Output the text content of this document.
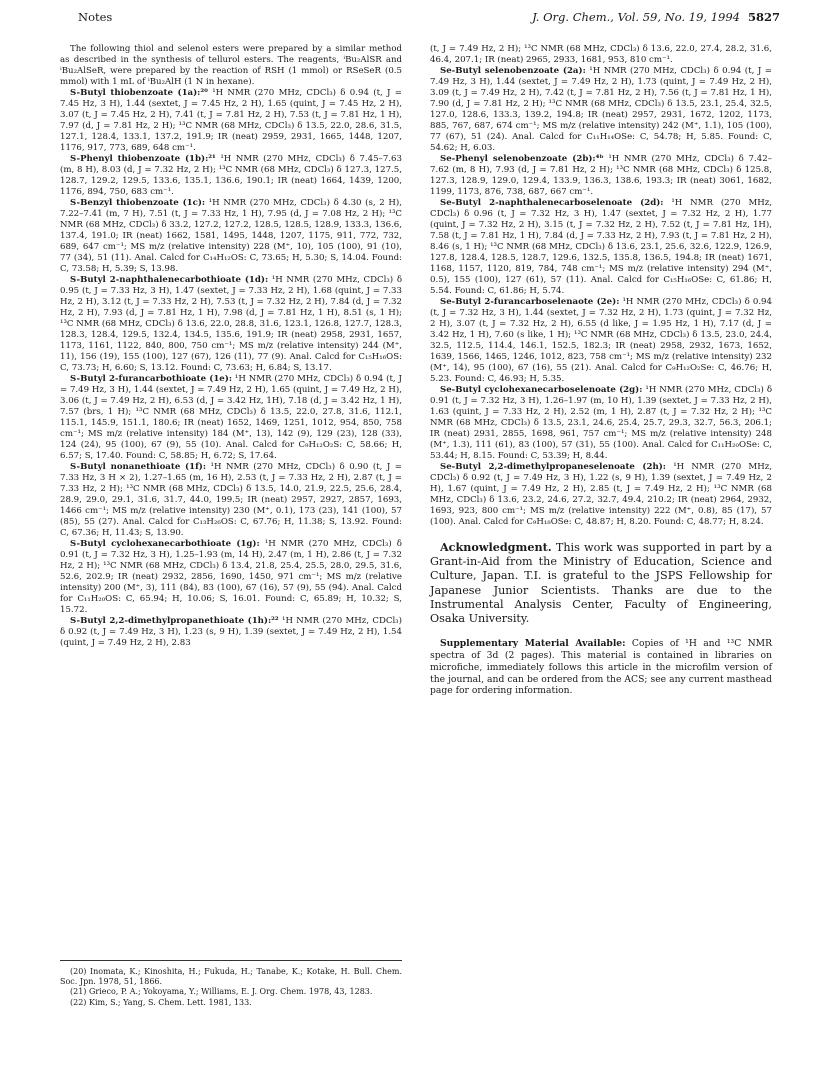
Notes	J. Org. Chem., Vol. 59, No. 19, 1994 5827

The following thiol and selenol esters were prepared by a similar method as described in the synthesis of tellurol esters. The reagents, ⁱBu₂AlSR and ⁱBu₂AlSeR, were prepared by the reaction of RSH (1 mmol) or RSeSeR (0.5 mmol) with 1 mL of ⁱBu₂AlH (1 N in hexane).

S-Butyl thiobenzoate (1a):²⁰ ¹H NMR (270 MHz, CDCl₃) δ 0.94 (t, J = 7.45 Hz, 3 H), 1.44 (sextet, J = 7.45 Hz, 2 H), 1.65 (quint, J = 7.45 Hz, 2 H), 3.07 (t, J = 7.45 Hz, 2 H), 7.41 (t, J = 7.81 Hz, 2 H), 7.53 (t, J = 7.81 Hz, 1 H), 7.97 (d, J = 7.81 Hz, 2 H); ¹³C NMR (68 MHz, CDCl₃) δ 13.5, 22.0, 28.6, 31.5, 127.1, 128.4, 133.1, 137.2, 191.9; IR (neat) 2959, 2931, 1665, 1448, 1207, 1176, 917, 773, 689, 648 cm⁻¹.

S-Phenyl thiobenzoate (1b):²¹ ¹H NMR (270 MHz, CDCl₃) δ 7.45–7.63 (m, 8 H), 8.03 (d, J = 7.32 Hz, 2 H); ¹³C NMR (68 MHz, CDCl₃) δ 127.3, 127.5, 128.7, 129.2, 129.5, 133.6, 135.1, 136.6, 190.1; IR (neat) 1664, 1439, 1200, 1176, 894, 750, 683 cm⁻¹.

S-Benzyl thiobenzoate (1c): ¹H NMR (270 MHz, CDCl₃) δ 4.30 (s, 2 H), 7.22–7.41 (m, 7 H), 7.51 (t, J = 7.33 Hz, 1 H), 7.95 (d, J = 7.08 Hz, 2 H); ¹³C NMR (68 MHz, CDCl₃) δ 33.2, 127.2, 127.2, 128.5, 128.5, 128.9, 133.3, 136.6, 137.4, 191.0; IR (neat) 1662, 1581, 1495, 1448, 1207, 1175, 911, 772, 732, 689, 647 cm⁻¹; MS m/z (relative intensity) 228 (M⁺, 10), 105 (100), 91 (10), 77 (34), 51 (11). Anal. Calcd for C₁₄H₁₂OS: C, 73.65; H, 5.30; S, 14.04. Found: C, 73.58; H, 5.39; S, 13.98.

S-Butyl 2-naphthalenecarbothioate (1d): ¹H NMR (270 MHz, CDCl₃) δ 0.95 (t, J = 7.33 Hz, 3 H), 1.47 (sextet, J = 7.33 Hz, 2 H), 1.68 (quint, J = 7.33 Hz, 2 H), 3.12 (t, J = 7.33 Hz, 2 H), 7.53 (t, J = 7.32 Hz, 2 H), 7.84 (d, J = 7.32 Hz, 2 H), 7.93 (d, J = 7.81 Hz, 1 H), 7.98 (d, J = 7.81 Hz, 1 H), 8.51 (s, 1 H); ¹³C NMR (68 MHz, CDCl₃) δ 13.6, 22.0, 28.8, 31.6, 123.1, 126.8, 127.7, 128.3, 128.3, 128.4, 129.5, 132.4, 134.5, 135.6, 191.9; IR (neat) 2958, 2931, 1657, 1173, 1161, 1122, 840, 800, 750 cm⁻¹; MS m/z (relative intensity) 244 (M⁺, 11), 156 (19), 155 (100), 127 (67), 126 (11), 77 (9). Anal. Calcd for C₁₅H₁₆OS: C, 73.73; H, 6.60; S, 13.12. Found: C, 73.63; H, 6.84; S, 13.17.

S-Butyl 2-furancarbothioate (1e): ¹H NMR (270 MHz, CDCl₃) δ 0.94 (t, J = 7.49 Hz, 3 H), 1.44 (sextet, J = 7.49 Hz, 2 H), 1.65 (quint, J = 7.49 Hz, 2 H), 3.06 (t, J = 7.49 Hz, 2 H), 6.53 (d, J = 3.42 Hz, 1H), 7.18 (d, J = 3.42 Hz, 1 H), 7.57 (brs, 1 H); ¹³C NMR (68 MHz, CDCl₃) δ 13.5, 22.0, 27.8, 31.6, 112.1, 115.1, 145.9, 151.1, 180.6; IR (neat) 1652, 1469, 1251, 1012, 954, 850, 758 cm⁻¹; MS m/z (relative intensity) 184 (M⁺, 13), 142 (9), 129 (23), 128 (33), 124 (24), 95 (100), 67 (9), 55 (10). Anal. Calcd for C₉H₁₂O₂S: C, 58.66; H, 6.57; S, 17.40. Found: C, 58.85; H, 6.72; S, 17.64.

S-Butyl nonanethioate (1f): ¹H NMR (270 MHz, CDCl₃) δ 0.90 (t, J = 7.33 Hz, 3 H × 2), 1.27–1.65 (m, 16 H), 2.53 (t, J = 7.33 Hz, 2 H), 2.87 (t, J = 7.33 Hz, 2 H); ¹³C NMR (68 MHz, CDCl₃) δ 13.5, 14.0, 21.9, 22.5, 25.6, 28.4, 28.9, 29.0, 29.1, 31.6, 31.7, 44.0, 199.5; IR (neat) 2957, 2927, 2857, 1693, 1466 cm⁻¹; MS m/z (relative intensity) 230 (M⁺, 0.1), 173 (23), 141 (100), 57 (85), 55 (27). Anal. Calcd for C₁₃H₂₆OS: C, 67.76; H, 11.38; S, 13.92. Found: C, 67.36; H, 11.43; S, 13.90.

S-Butyl cyclohexanecarbothioate (1g): ¹H NMR (270 MHz, CDCl₃) δ 0.91 (t, J = 7.32 Hz, 3 H), 1.25–1.93 (m, 14 H), 2.47 (m, 1 H), 2.86 (t, J = 7.32 Hz, 2 H); ¹³C NMR (68 MHz, CDCl₃) δ 13.4, 21.8, 25.4, 25.5, 28.0, 29.5, 31.6, 52.6, 202.9; IR (neat) 2932, 2856, 1690, 1450, 971 cm⁻¹; MS m/z (relative intensity) 200 (M⁺, 3), 111 (84), 83 (100), 67 (16), 57 (9), 55 (94). Anal. Calcd for C₁₁H₂₀OS: C, 65.94; H, 10.06; S, 16.01. Found: C, 65.89; H, 10.32; S, 15.72.

S-Butyl 2,2-dimethylpropanethioate (1h):²² ¹H NMR (270 MHz, CDCl₃) δ 0.92 (t, J = 7.49 Hz, 3 H), 1.23 (s, 9 H), 1.39 (sextet, J = 7.49 Hz, 2 H), 1.54 (quint, J = 7.49 Hz, 2 H), 2.83

(t, J = 7.49 Hz, 2 H); ¹³C NMR (68 MHz, CDCl₃) δ 13.6, 22.0, 27.4, 28.2, 31.6, 46.4, 207.1; IR (neat) 2965, 2933, 1681, 953, 810 cm⁻¹.

Se-Butyl selenobenzoate (2a): ¹H NMR (270 MHz, CDCl₃) δ 0.94 (t, J = 7.49 Hz, 3 H), 1.44 (sextet, J = 7.49 Hz, 2 H), 1.73 (quint, J = 7.49 Hz, 2 H), 3.09 (t, J = 7.49 Hz, 2 H), 7.42 (t, J = 7.81 Hz, 2 H), 7.56 (t, J = 7.81 Hz, 1 H), 7.90 (d, J = 7.81 Hz, 2 H); ¹³C NMR (68 MHz, CDCl₃) δ 13.5, 23.1, 25.4, 32.5, 127.0, 128.6, 133.3, 139.2, 194.8; IR (neat) 2957, 2931, 1672, 1202, 1173, 885, 767, 687, 674 cm⁻¹; MS m/z (relative intensity) 242 (M⁺, 1.1), 105 (100), 77 (67), 51 (24). Anal. Calcd for C₁₁H₁₄OSe: C, 54.78; H, 5.85. Found: C, 54.62; H, 6.03.

Se-Phenyl selenobenzoate (2b):⁴ᵇ ¹H NMR (270 MHz, CDCl₃) δ 7.42–7.62 (m, 8 H), 7.93 (d, J = 7.81 Hz, 2 H); ¹³C NMR (68 MHz, CDCl₃) δ 125.8, 127.3, 128.9, 129.0, 129.4, 133.9, 136.3, 138.6, 193.3; IR (neat) 3061, 1682, 1199, 1173, 876, 738, 687, 667 cm⁻¹.

Se-Butyl 2-naphthalenecarboselenoate (2d): ¹H NMR (270 MHz, CDCl₃) δ 0.96 (t, J = 7.32 Hz, 3 H), 1.47 (sextet, J = 7.32 Hz, 2 H), 1.77 (quint, J = 7.32 Hz, 2 H), 3.15 (t, J = 7.32 Hz, 2 H), 7.52 (t, J = 7.81 Hz, 1H), 7.58 (t, J = 7.81 Hz, 1 H), 7.84 (d, J = 7.33 Hz, 2 H), 7.93 (t, J = 7.81 Hz, 2 H), 8.46 (s, 1 H); ¹³C NMR (68 MHz, CDCl₃) δ 13.6, 23.1, 25.6, 32.6, 122.9, 126.9, 127.8, 128.4, 128.5, 128.7, 129.6, 132.5, 135.8, 136.5, 194.8; IR (neat) 1671, 1168, 1157, 1120, 819, 784, 748 cm⁻¹; MS m/z (relative intensity) 294 (M⁺, 0.5), 155 (100), 127 (61), 57 (11). Anal. Calcd for C₁₅H₁₆OSe: C, 61.86; H, 5.54. Found: C, 61.86; H, 5.74.

Se-Butyl 2-furancarboselenaote (2e): ¹H NMR (270 MHz, CDCl₃) δ 0.94 (t, J = 7.32 Hz, 3 H), 1.44 (sextet, J = 7.32 Hz, 2 H), 1.73 (quint, J = 7.32 Hz, 2 H), 3.07 (t, J = 7.32 Hz, 2 H), 6.55 (d like, J = 1.95 Hz, 1 H), 7.17 (d, J = 3.42 Hz, 1 H), 7.60 (s like, 1 H); ¹³C NMR (68 MHz, CDCl₃) δ 13.5, 23.0, 24.4, 32.5, 112.5, 114.4, 146.1, 152.5, 182.3; IR (neat) 2958, 2932, 1673, 1652, 1639, 1566, 1465, 1246, 1012, 823, 758 cm⁻¹; MS m/z (relative intensity) 232 (M⁺, 14), 95 (100), 67 (16), 55 (21). Anal. Calcd for C₉H₁₂O₂Se: C, 46.76; H, 5.23. Found: C, 46.93; H, 5.35.

Se-Butyl cyclohexanecarboselenoate (2g): ¹H NMR (270 MHz, CDCl₃) δ 0.91 (t, J = 7.32 Hz, 3 H), 1.26–1.97 (m, 10 H), 1.39 (sextet, J = 7.33 Hz, 2 H), 1.63 (quint, J = 7.33 Hz, 2 H), 2.52 (m, 1 H), 2.87 (t, J = 7.32 Hz, 2 H); ¹³C NMR (68 MHz, CDCl₃) δ 13.5, 23.1, 24.6, 25.4, 25.7, 29.3, 32.7, 56.3, 206.1; IR (neat) 2931, 2855, 1698, 961, 757 cm⁻¹; MS m/z (relative intensity) 248 (M⁺, 1.3), 111 (61), 83 (100), 57 (31), 55 (100). Anal. Calcd for C₁₁H₂₀OSe: C, 53.44; H, 8.15. Found: C, 53.39; H, 8.44.

Se-Butyl 2,2-dimethylpropaneselenoate (2h): ¹H NMR (270 MHz, CDCl₃) δ 0.92 (t, J = 7.49 Hz, 3 H), 1.22 (s, 9 H), 1.39 (sextet, J = 7.49 Hz, 2 H), 1.67 (quint, J = 7.49 Hz, 2 H), 2.85 (t, J = 7.49 Hz, 2 H); ¹³C NMR (68 MHz, CDCl₃) δ 13.6, 23.2, 24.6, 27.2, 32.7, 49.4, 210.2; IR (neat) 2964, 2932, 1693, 923, 800 cm⁻¹; MS m/z (relative intensity) 222 (M⁺, 0.8), 85 (17), 57 (100). Anal. Calcd for C₉H₁₈OSe: C, 48.87; H, 8.20. Found: C, 48.77; H, 8.24.

Acknowledgment. This work was supported in part by a Grant-in-Aid from the Ministry of Education, Science and Culture, Japan. T.I. is grateful to the JSPS Fellowship for Japanese Junior Scientists. Thanks are due to the Instrumental Analysis Center, Faculty of Engineering, Osaka University.

Supplementary Material Available: Copies of ¹H and ¹³C NMR spectra of 3d (2 pages). This material is contained in libraries on microfiche, immediately follows this article in the microfilm version of the journal, and can be ordered from the ACS; see any current masthead page for ordering information.

(20) Inomata, K.; Kinoshita, H.; Fukuda, H.; Tanabe, K.; Kotake, H. Bull. Chem. Soc. Jpn. 1978, 51, 1866.
(21) Grieco, P. A.; Yokoyama, Y.; Williams, E. J. Org. Chem. 1978, 43, 1283.
(22) Kim, S.; Yang, S. Chem. Lett. 1981, 133.
